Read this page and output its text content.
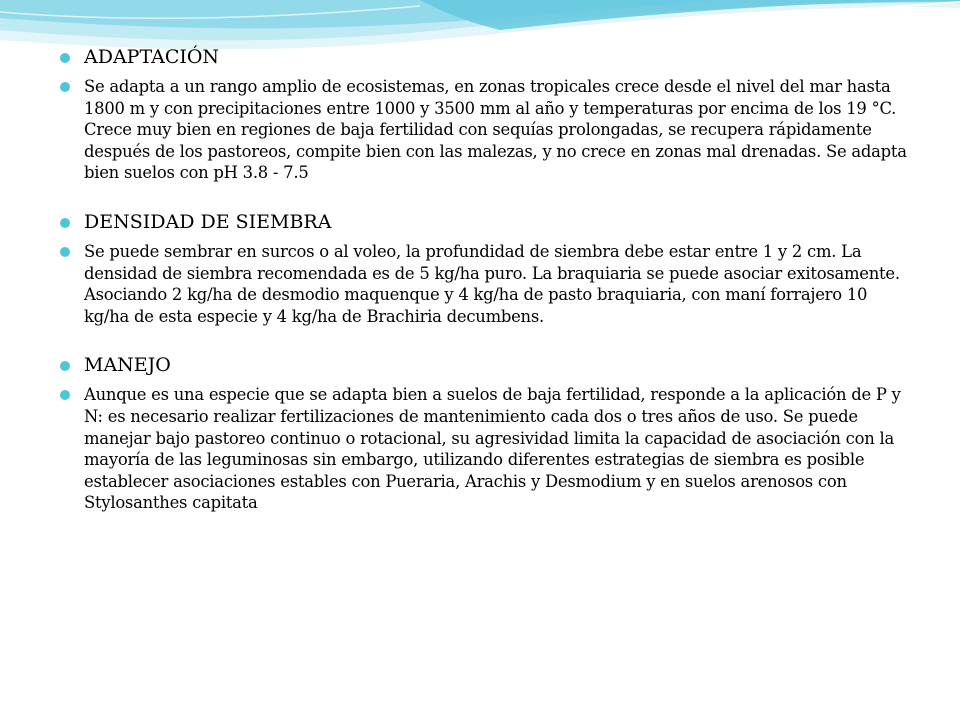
ADAPTACIÓN
Se adapta a un rango amplio de ecosistemas, en zonas tropicales crece desde el nivel del mar hasta 1800 m y con precipitaciones entre 1000 y 3500 mm al año y temperaturas por encima de los 19 °C. Crece muy bien en regiones de baja fertilidad con sequías prolongadas, se recupera rápidamente después de los pastoreos, compite bien con las malezas, y no crece en zonas mal drenadas. Se adapta bien suelos con pH 3.8 - 7.5
DENSIDAD DE SIEMBRA
Se puede sembrar en surcos o al voleo, la profundidad de siembra debe estar entre 1 y 2 cm. La densidad de siembra recomendada es de 5 kg/ha puro. La braquiaria se puede asociar exitosamente. Asociando 2 kg/ha de desmodio maquenque y 4 kg/ha de pasto braquiaria, con maní forrajero 10 kg/ha de esta especie y 4 kg/ha de Brachiria decumbens.
MANEJO
Aunque es una especie que se adapta bien a suelos de baja fertilidad, responde a la aplicación de P y N: es necesario realizar fertilizaciones de mantenimiento cada dos o tres años de uso. Se puede manejar bajo pastoreo continuo o rotacional, su agresividad limita la capacidad de asociación con la mayoría de las leguminosas sin embargo, utilizando diferentes estrategias de siembra es posible establecer asociaciones estables con Pueraria, Arachis y Desmodium y en suelos arenosos con Stylosanthes capitata
